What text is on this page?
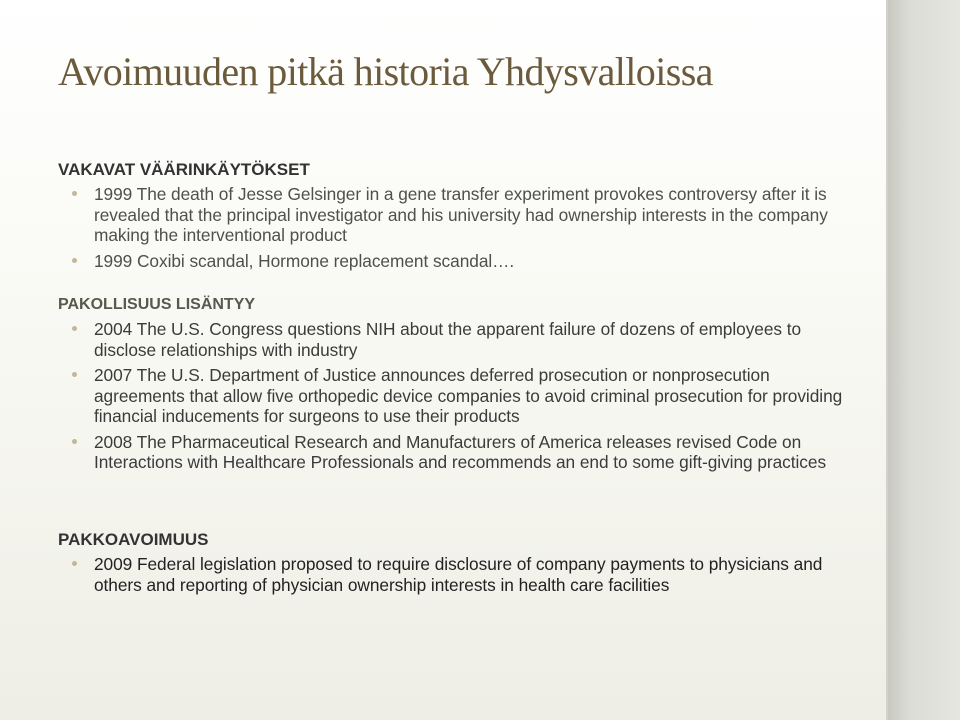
Avoimuuden pitkä historia Yhdysvalloissa
VAKAVAT VÄÄRINKÄYTÖKSET
1999 The death of Jesse Gelsinger in a gene transfer experiment provokes controversy after it is revealed that the principal investigator and his university had ownership interests in the company making the interventional product
1999 Coxibi scandal, Hormone replacement scandal….
PAKOLLISUUS LISÄNTYY
2004 The U.S. Congress questions NIH about the apparent failure of dozens of employees to disclose relationships with industry
2007 The U.S. Department of Justice announces deferred prosecution or nonprosecution agreements that allow five orthopedic device companies to avoid criminal prosecution for providing financial inducements for surgeons to use their products
2008 The Pharmaceutical Research and Manufacturers of America releases revised Code on Interactions with Healthcare Professionals and recommends an end to some gift-giving practices
PAKKOAVOIMUUS
2009 Federal legislation proposed to require disclosure of company payments to physicians and others and reporting of physician ownership interests in health care facilities
